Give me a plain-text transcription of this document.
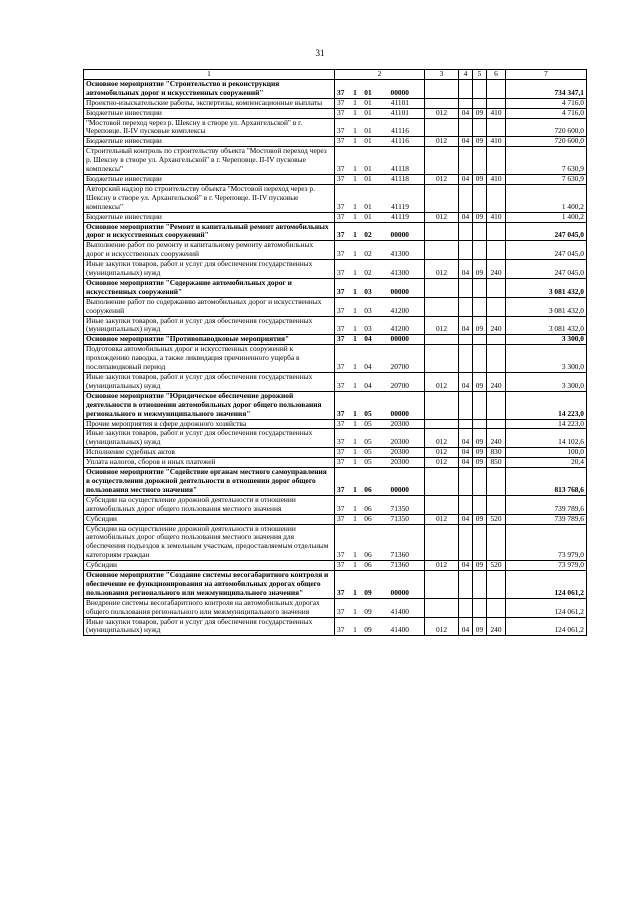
31
1	2	3	4	5	6	7
Основное мероприятие "Строительство и реконструкция автомобильных дорог и искусственных сооружений"	37 1 01 00000					734 347,1
Проектно-изыскательские работы, экспертизы, компенсационные выплаты	37 1 01 41101					4 716,0
Бюджетные инвестиции	37 1 01 41101	012	04	09	410	4 716,0
"Мостовой переход через р. Шексну в створе ул. Архангельской" в г. Череповце. II-IV пусковые комплексы	37 1 01 41116					720 600,0
Бюджетные инвестиции	37 1 01 41116	012	04	09	410	720 600,0
Строительный контроль по строительству объекта "Мостовой переход через р. Шексну в створе ул. Архангельской" в г. Череповце. II-IV пусковые комплексы"	37 1 01 41118					7 630,9
Бюджетные инвестиции	37 1 01 41118	012	04	09	410	7 630,9
Авторский надзор по строительству объекта "Мостовой переход через р. Шексну в створе ул. Архангельской" в г. Череповце. II-IV пусковые комплексы"	37 1 01 41119					1 400,2
Бюджетные инвестиции	37 1 01 41119	012	04	09	410	1 400,2
Основное мероприятие "Ремонт и капитальный ремонт автомобильных дорог и искусственных сооружений"	37 1 02 00000					247 045,0
Выполнение работ по ремонту и капитальному ремонту автомобильных дорог и искусственных сооружений	37 1 02 41300					247 045,0
Иные закупки товаров, работ и услуг для обеспечения государственных (муниципальных) нужд	37 1 02 41300	012	04	09	240	247 045,0
Основное мероприятие "Содержание автомобильных дорог и искусственных сооружений"	37 1 03 00000					3 081 432,0
Выполнение работ по содержанию автомобильных дорог и искусственных сооружений	37 1 03 41200					3 081 432,0
Иные закупки товаров, работ и услуг для обеспечения государственных (муниципальных) нужд	37 1 03 41200	012	04	09	240	3 081 432,0
Основное мероприятие "Противопаводковые мероприятия"	37 1 04 00000					3 300,0
Подготовка автомобильных дорог и искусственных сооружений к прохождению паводка, а также ликвидация причиненного ущерба в послепаводковый период	37 1 04 20700					3 300,0
Иные закупки товаров, работ и услуг для обеспечения государственных (муниципальных) нужд	37 1 04 20700	012	04	09	240	3 300,0
Основное мероприятие "Юридическое обеспечение дорожной деятельности в отношении автомобильных дорог общего пользования регионального и межмуниципального значения"	37 1 05 00000					14 223,0
Прочие мероприятия в сфере дорожного хозяйства	37 1 05 20300					14 223,0
Иные закупки товаров, работ и услуг для обеспечения государственных (муниципальных) нужд	37 1 05 20300	012	04	09	240	14 102,6
Исполнение судебных актов	37 1 05 20300	012	04	09	830	100,0
Уплата налогов, сборов и иных платежей	37 1 05 20300	012	04	09	850	20,4
Основное мероприятие "Содействие органам местного самоуправления в осуществлении дорожной деятельности в отношении дорог общего пользования местного значения"	37 1 06 00000					813 768,6
Субсидии на осуществление дорожной деятельности в отношении автомобильных дорог общего пользования местного значения	37 1 06 71350					739 789,6
Субсидии	37 1 06 71350	012	04	09	520	739 789,6
Субсидии на осуществление дорожной деятельности в отношении автомобильных дорог общего пользования местного значения для обеспечения подъездов к земельным участкам, предоставляемым отдельным категориям граждан	37 1 06 71360					73 979,0
Субсидии	37 1 06 71360	012	04	09	520	73 979,0
Основное мероприятие "Создание системы весогабаритного контроля и обеспечение ее функционирования на автомобильных дорогах общего пользования регионального или межмуниципального значения"	37 1 09 00000					124 061,2
Внедрение системы весогабаритного контроля на автомобильных дорогах общего пользования регионального или межмуниципального значения	37 1 09 41400					124 061,2
Иные закупки товаров, работ и услуг для обеспечения государственных (муниципальных) нужд	37 1 09 41400	012	04	09	240	124 061,2
